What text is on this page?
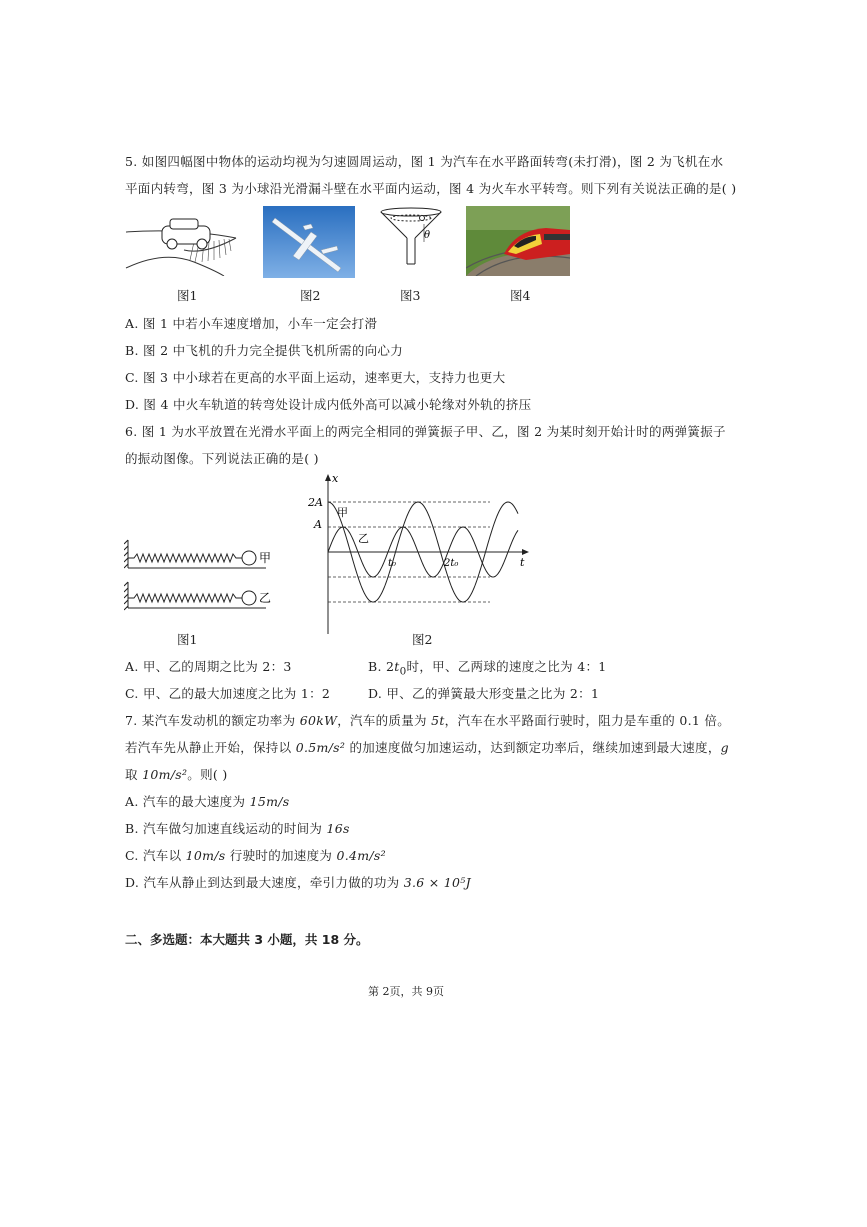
5. 如图四幅图中物体的运动均视为匀速圆周运动，图 1 为汽车在水平路面转弯(未打滑)，图 2 为飞机在水
平面内转弯，图 3 为小球沿光滑漏斗壁在水平面内运动，图 4 为火车水平转弯。则下列有关说法正确的是( )
θ
图1	图2	图3	图4
A. 图 1 中若小车速度增加，小车一定会打滑
B. 图 2 中飞机的升力完全提供飞机所需的向心力
C. 图 3 中小球若在更高的水平面上运动，速率更大，支持力也更大
D. 图 4 中火车轨道的转弯处设计成内低外高可以减小轮缘对外轨的挤压
6. 图 1 为水平放置在光滑水平面上的两完全相同的弹簧振子甲、乙，图 2 为某时刻开始计时的两弹簧振子
的振动图像。下列说法正确的是( )
甲
乙
图1
x
t
2A
A
甲
乙
t₀	2t₀
图2
A. 甲、乙的周期之比为 2：3	B. $2t_0$时，甲、乙两球的速度之比为 4：1
C. 甲、乙的最大加速度之比为 1：2	D. 甲、乙的弹簧最大形变量之比为 2：1
7. 某汽车发动机的额定功率为 60kW，汽车的质量为 5t，汽车在水平路面行驶时，阻力是车重的 0.1 倍。
若汽车先从静止开始，保持以 0.5m/s² 的加速度做匀加速运动，达到额定功率后，继续加速到最大速度，g
取 10m/s²。则( )
A. 汽车的最大速度为 15m/s
B. 汽车做匀加速直线运动的时间为 16s
C. 汽车以 10m/s 行驶时的加速度为 0.4m/s²
D. 汽车从静止到达到最大速度，牵引力做的功为 3.6 × 10⁵J
二、多选题：本大题共 3 小题，共 18 分。
第 2页，共 9页
